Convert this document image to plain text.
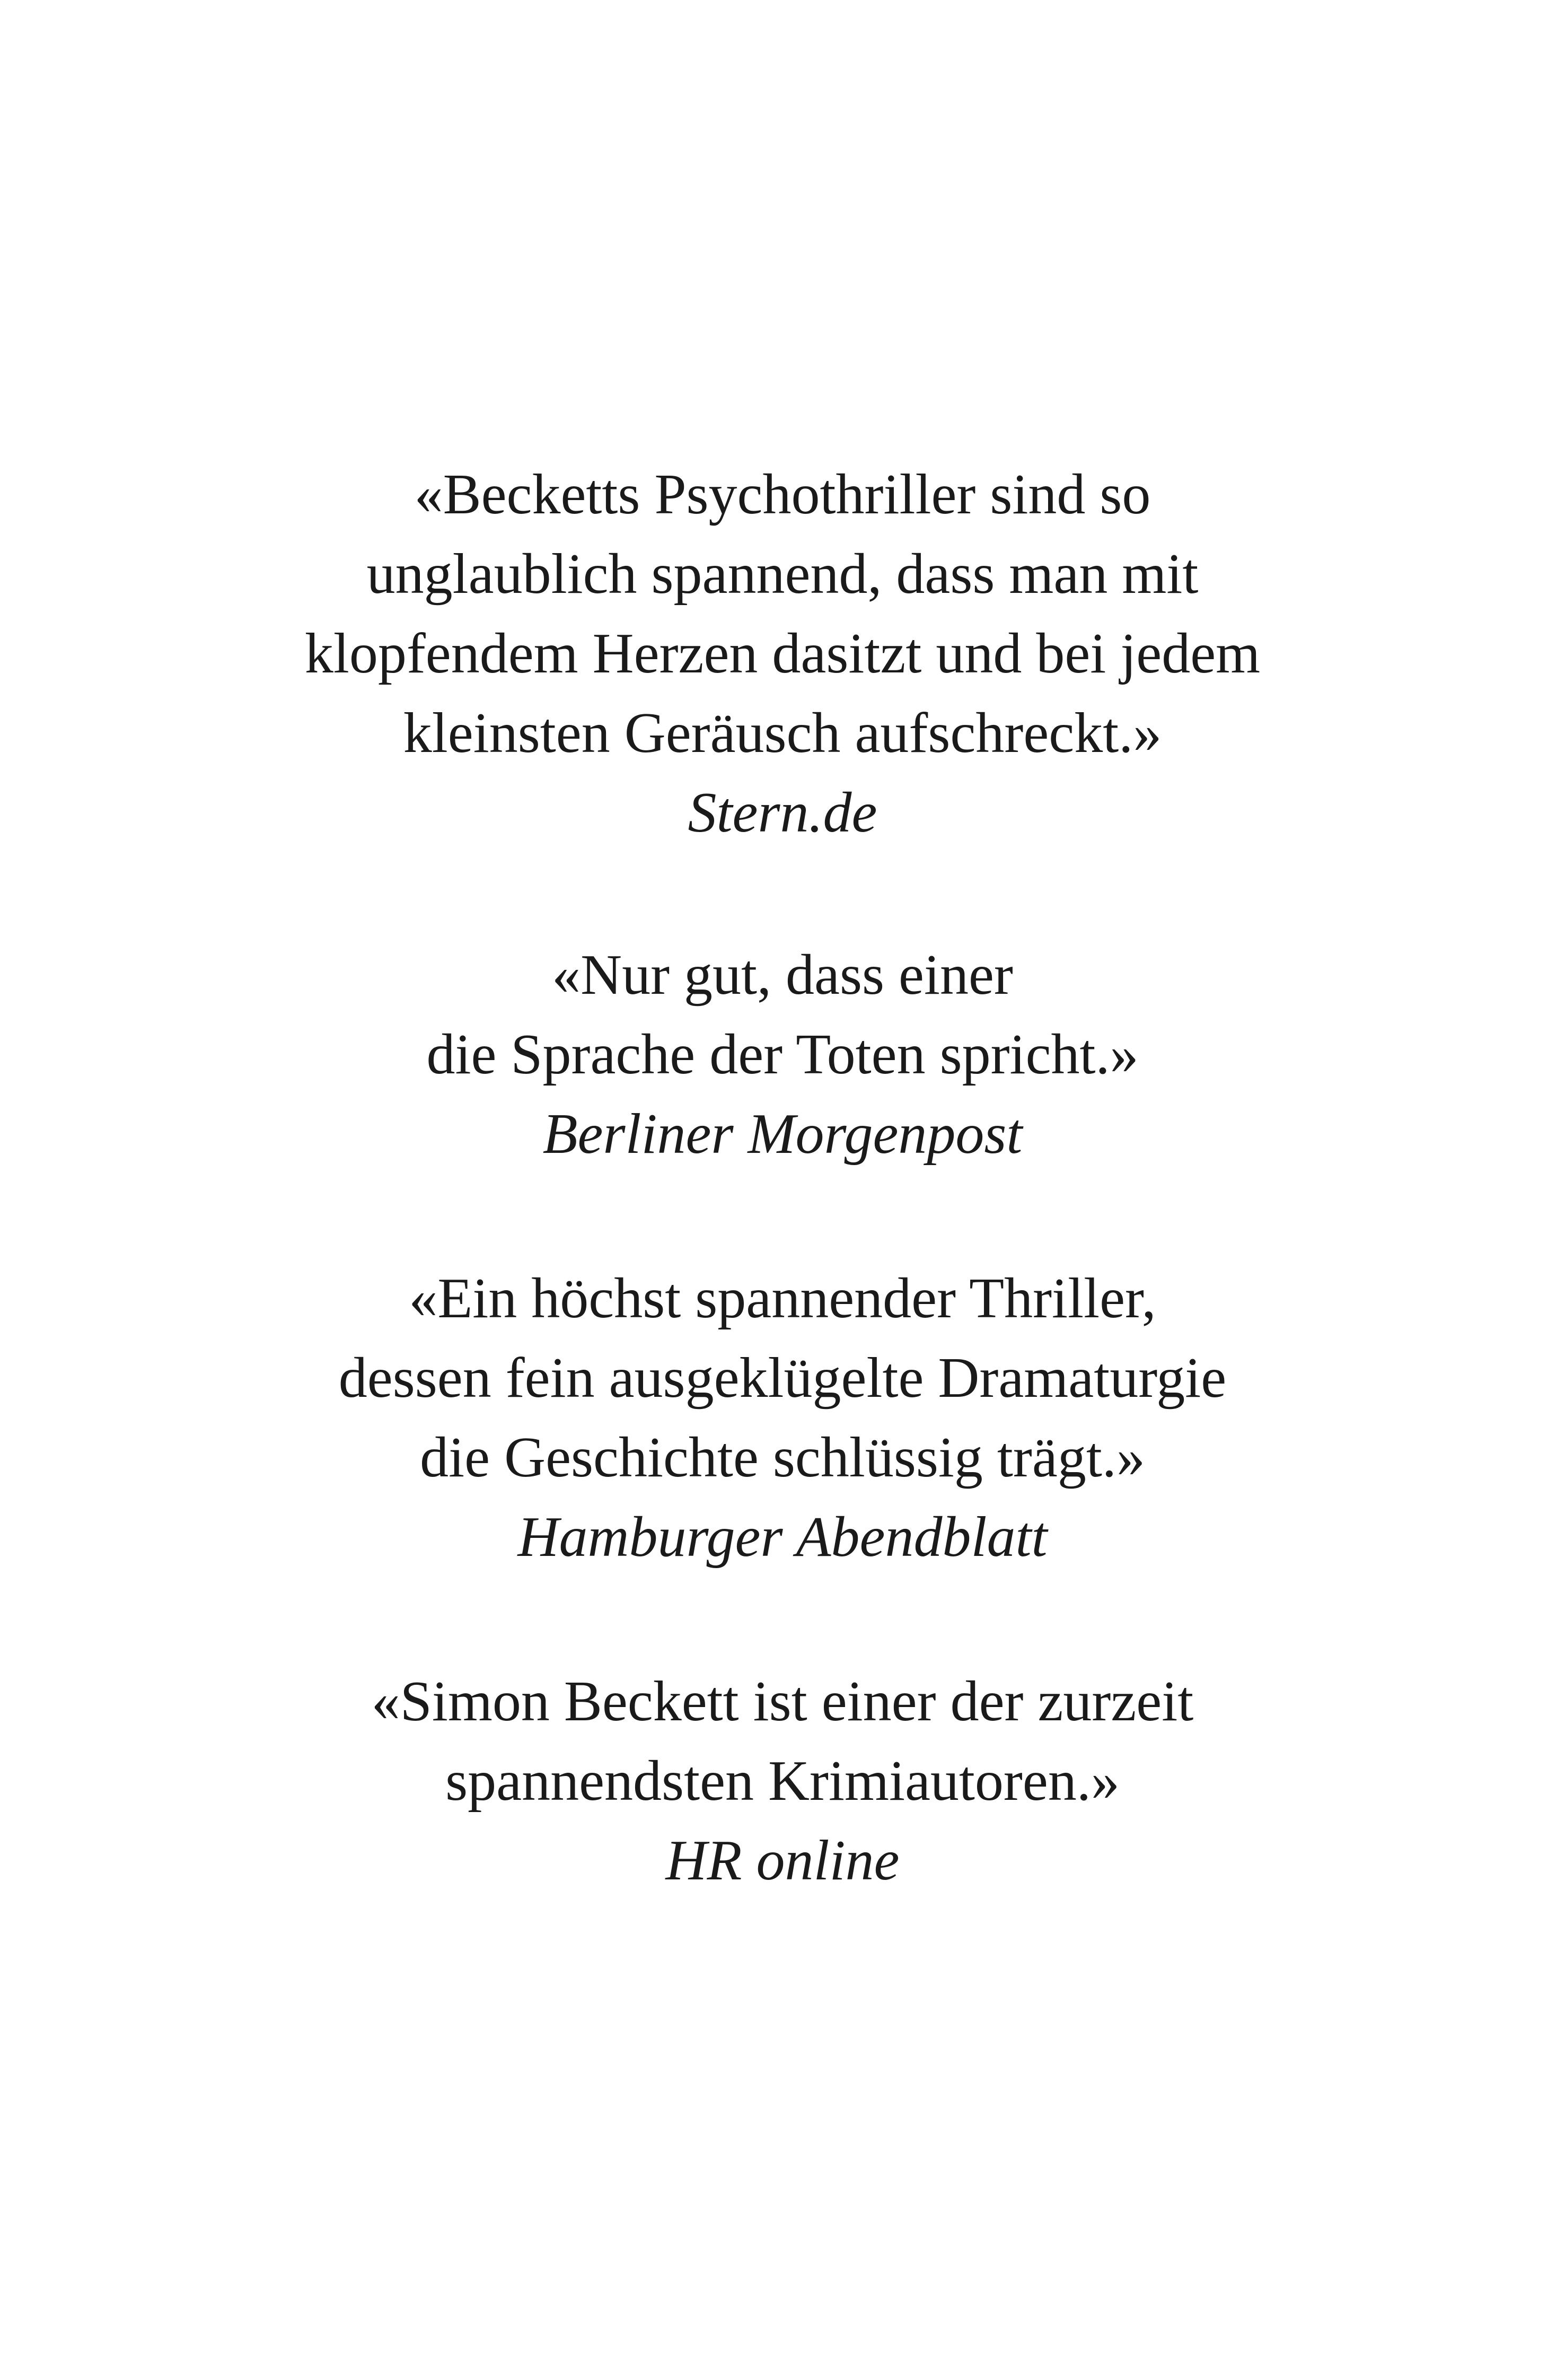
«Becketts Psychothriller sind so
unglaublich spannend, dass man mit
klopfendem Herzen dasitzt und bei jedem
kleinsten Geräusch aufschreckt.»
Stern.de
«Nur gut, dass einer
die Sprache der Toten spricht.»
Berliner Morgenpost
«Ein höchst spannender Thriller,
dessen fein ausgeklügelte Dramaturgie
die Geschichte schlüssig trägt.»
Hamburger Abendblatt
«Simon Beckett ist einer der zurzeit
spannendsten Krimiautoren.»
HR online
